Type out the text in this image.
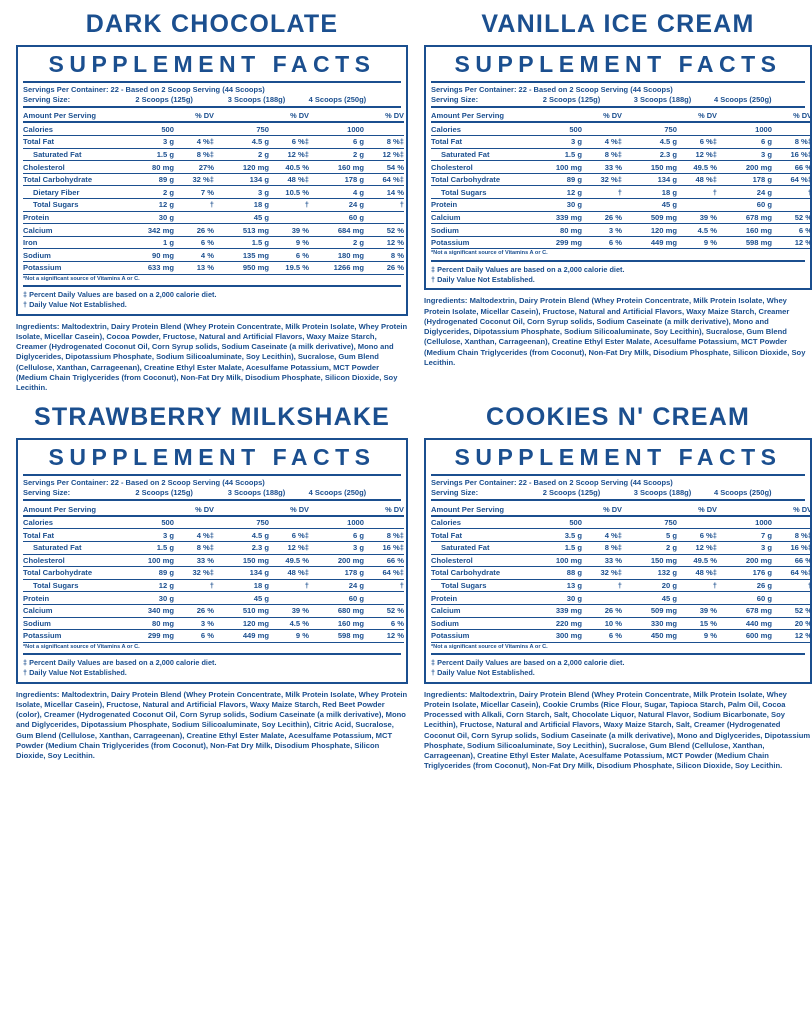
DARK CHOCOLATE
SUPPLEMENT FACTS
Servings Per Container: 22 - Based on 2 Scoop Serving (44 Scoops)
Serving Size:	2 Scoops (125g)	3 Scoops (188g)	4 Scoops (250g)
Amount Per Serving		% DV		% DV		% DV
Calories	500		750		1000	
Total Fat	3 g	4 %‡	4.5 g	6 %‡	6 g	8 %‡
Saturated Fat	1.5 g	8 %‡	2 g	12 %‡	2 g	12 %‡
Cholesterol	80 mg	27%	120 mg	40.5 %	160 mg	54 %
Total Carbohydrate	89 g	32 %‡	134 g	48 %‡	178 g	64 %‡
Dietary Fiber	2 g	7 %	3 g	10.5 %	4 g	14 %
Total Sugars	12 g	†	18 g	†	24 g	†
Protein	30 g		45 g		60 g	
Calcium	342 mg	26 %	513 mg	39 %	684 mg	52 %
Iron	1 g	6 %	1.5 g	9 %	2 g	12 %
Sodium	90 mg	4 %	135 mg	6 %	180 mg	8 %
Potassium	633 mg	13 %	950 mg	19.5 %	1266 mg	26 %
*Not a significant source of Vitamins A or C.
‡ Percent Daily Values are based on a 2,000 calorie diet.
† Daily Value Not Established.
Ingredients: Maltodextrin, Dairy Protein Blend (Whey Protein Concentrate, Milk Protein Isolate, Whey Protein Isolate, Micellar Casein), Cocoa Powder, Fructose, Natural and Artificial Flavors, Waxy Maize Starch, Creamer (Hydrogenated Coconut Oil, Corn Syrup solids, Sodium Caseinate (a milk derivative), Mono and Diglycerides, Dipotassium Phosphate, Sodium Silicoaluminate, Soy Lecithin), Sucralose, Gum Blend (Cellulose, Xanthan, Carrageenan), Creatine Ethyl Ester Malate, Acesulfame Potassium, MCT Powder (Medium Chain Triglycerides (from Coconut), Non-Fat Dry Milk, Disodium Phosphate, Silicon Dioxide, Soy Lecithin.
VANILLA ICE CREAM
SUPPLEMENT FACTS
Servings Per Container: 22 - Based on 2 Scoop Serving (44 Scoops)
Serving Size:	2 Scoops (125g)	3 Scoops (188g)	4 Scoops (250g)
Amount Per Serving		% DV		% DV		% DV
Calories	500		750		1000	
Total Fat	3 g	4 %‡	4.5 g	6 %‡	6 g	8 %‡
Saturated Fat	1.5 g	8 %‡	2.3 g	12 %‡	3 g	16 %‡
Cholesterol	100 mg	33 %	150 mg	49.5 %	200 mg	66 %
Total Carbohydrate	89 g	32 %‡	134 g	48 %‡	178 g	64 %‡
Total Sugars	12 g	†	18 g	†	24 g	†
Protein	30 g		45 g		60 g	
Calcium	339 mg	26 %	509 mg	39 %	678 mg	52 %
Sodium	80 mg	3 %	120 mg	4.5 %	160 mg	6 %
Potassium	299 mg	6 %	449 mg	9 %	598 mg	12 %
*Not a significant source of Vitamins A or C.
‡ Percent Daily Values are based on a 2,000 calorie diet.
† Daily Value Not Established.
Ingredients: Maltodextrin, Dairy Protein Blend (Whey Protein Concentrate, Milk Protein Isolate, Whey Protein Isolate, Micellar Casein), Fructose, Natural and Artificial Flavors, Waxy Maize Starch, Creamer (Hydrogenated Coconut Oil, Corn Syrup solids, Sodium Caseinate (a milk derivative), Mono and Diglycerides, Dipotassium Phosphate, Sodium Silicoaluminate, Soy Lecithin), Sucralose, Gum Blend (Cellulose, Xanthan, Carrageenan), Creatine Ethyl Ester Malate, Acesulfame Potassium, MCT Powder (Medium Chain Triglycerides (from Coconut), Non-Fat Dry Milk, Disodium Phosphate, Silicon Dioxide, Soy Lecithin.
STRAWBERRY MILKSHAKE
SUPPLEMENT FACTS
Servings Per Container: 22 - Based on 2 Scoop Serving (44 Scoops)
Serving Size:	2 Scoops (125g)	3 Scoops (188g)	4 Scoops (250g)
Amount Per Serving		% DV		% DV		% DV
Calories	500		750		1000	
Total Fat	3 g	4 %‡	4.5 g	6 %‡	6 g	8 %‡
Saturated Fat	1.5 g	8 %‡	2.3 g	12 %‡	3 g	16 %‡
Cholesterol	100 mg	33 %	150 mg	49.5 %	200 mg	66 %
Total Carbohydrate	89 g	32 %‡	134 g	48 %‡	178 g	64 %‡
Total Sugars	12 g	†	18 g	†	24 g	†
Protein	30 g		45 g		60 g	
Calcium	340 mg	26 %	510 mg	39 %	680 mg	52 %
Sodium	80 mg	3 %	120 mg	4.5 %	160 mg	6 %
Potassium	299 mg	6 %	449 mg	9 %	598 mg	12 %
*Not a significant source of Vitamins A or C.
‡ Percent Daily Values are based on a 2,000 calorie diet.
† Daily Value Not Established.
Ingredients: Maltodextrin, Dairy Protein Blend (Whey Protein Concentrate, Milk Protein Isolate, Whey Protein Isolate, Micellar Casein), Fructose, Natural and Artificial Flavors, Waxy Maize Starch, Red Beet Powder (color), Creamer (Hydrogenated Coconut Oil, Corn Syrup solids, Sodium Caseinate (a milk derivative), Mono and Diglycerides, Dipotassium Phosphate, Sodium Silicoaluminate, Soy Lecithin), Citric Acid, Sucralose, Gum Blend (Cellulose, Xanthan, Carrageenan), Creatine Ethyl Ester Malate, Acesulfame Potassium, MCT Powder (Medium Chain Triglycerides (from Coconut), Non-Fat Dry Milk, Disodium Phosphate, Silicon Dioxide, Soy Lecithin.
COOKIES N' CREAM
SUPPLEMENT FACTS
Servings Per Container: 22 - Based on 2 Scoop Serving (44 Scoops)
Serving Size:	2 Scoops (125g)	3 Scoops (188g)	4 Scoops (250g)
Amount Per Serving		% DV		% DV		% DV
Calories	500		750		1000	
Total Fat	3.5 g	4 %‡	5 g	6 %‡	7 g	8 %‡
Saturated Fat	1.5 g	8 %‡	2 g	12 %‡	3 g	16 %‡
Cholesterol	100 mg	33 %	150 mg	49.5 %	200 mg	66 %
Total Carbohydrate	88 g	32 %‡	132 g	48 %‡	176 g	64 %‡
Total Sugars	13 g	†	20 g	†	26 g	†
Protein	30 g		45 g		60 g	
Calcium	339 mg	26 %	509 mg	39 %	678 mg	52 %
Sodium	220 mg	10 %	330 mg	15 %	440 mg	20 %
Potassium	300 mg	6 %	450 mg	9 %	600 mg	12 %
*Not a significant source of Vitamins A or C.
‡ Percent Daily Values are based on a 2,000 calorie diet.
† Daily Value Not Established.
Ingredients: Maltodextrin, Dairy Protein Blend (Whey Protein Concentrate, Milk Protein Isolate, Whey Protein Isolate, Micellar Casein), Cookie Crumbs (Rice Flour, Sugar, Tapioca Starch, Palm Oil, Cocoa Processed with Alkali, Corn Starch, Salt, Chocolate Liquor, Natural Flavor, Sodium Bicarbonate, Soy Lecithin), Fructose, Natural and Artificial Flavors, Waxy Maize Starch, Salt, Creamer (Hydrogenated Coconut Oil, Corn Syrup solids, Sodium Caseinate (a milk derivative), Mono and Diglycerides, Dipotassium Phosphate, Sodium Silicoaluminate, Soy Lecithin), Sucralose, Gum Blend (Cellulose, Xanthan, Carrageenan), Creatine Ethyl Ester Malate, Acesulfame Potassium, MCT Powder (Medium Chain Triglycerides (from Coconut), Non-Fat Dry Milk, Disodium Phosphate, Silicon Dioxide, Soy Lecithin.
